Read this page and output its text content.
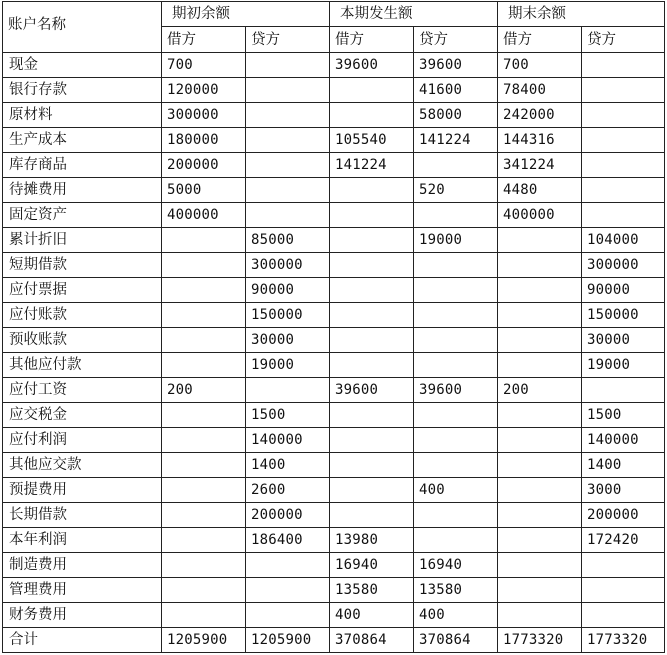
账户名称	期初余额		本期发生额		期末余额	
	借方	贷方	借方	贷方	借方	贷方
现金	700		39600	39600	700	
银行存款	120000			41600	78400	
原材料	300000			58000	242000	
生产成本	180000		105540	141224	144316	
库存商品	200000		141224		341224	
待摊费用	5000			520	4480	
固定资产	400000				400000	
累计折旧		85000		19000		104000
短期借款		300000				300000
应付票据		90000				90000
应付账款		150000				150000
预收账款		30000				30000
其他应付款		19000				19000
应付工资	200		39600	39600	200	
应交税金		1500				1500
应付利润		140000				140000
其他应交款		1400				1400
预提费用		2600		400		3000
长期借款		200000				200000
本年利润		186400	13980			172420
制造费用			16940	16940		
管理费用			13580	13580		
财务费用			400	400		
合计	1205900	1205900	370864	370864	1773320	1773320
